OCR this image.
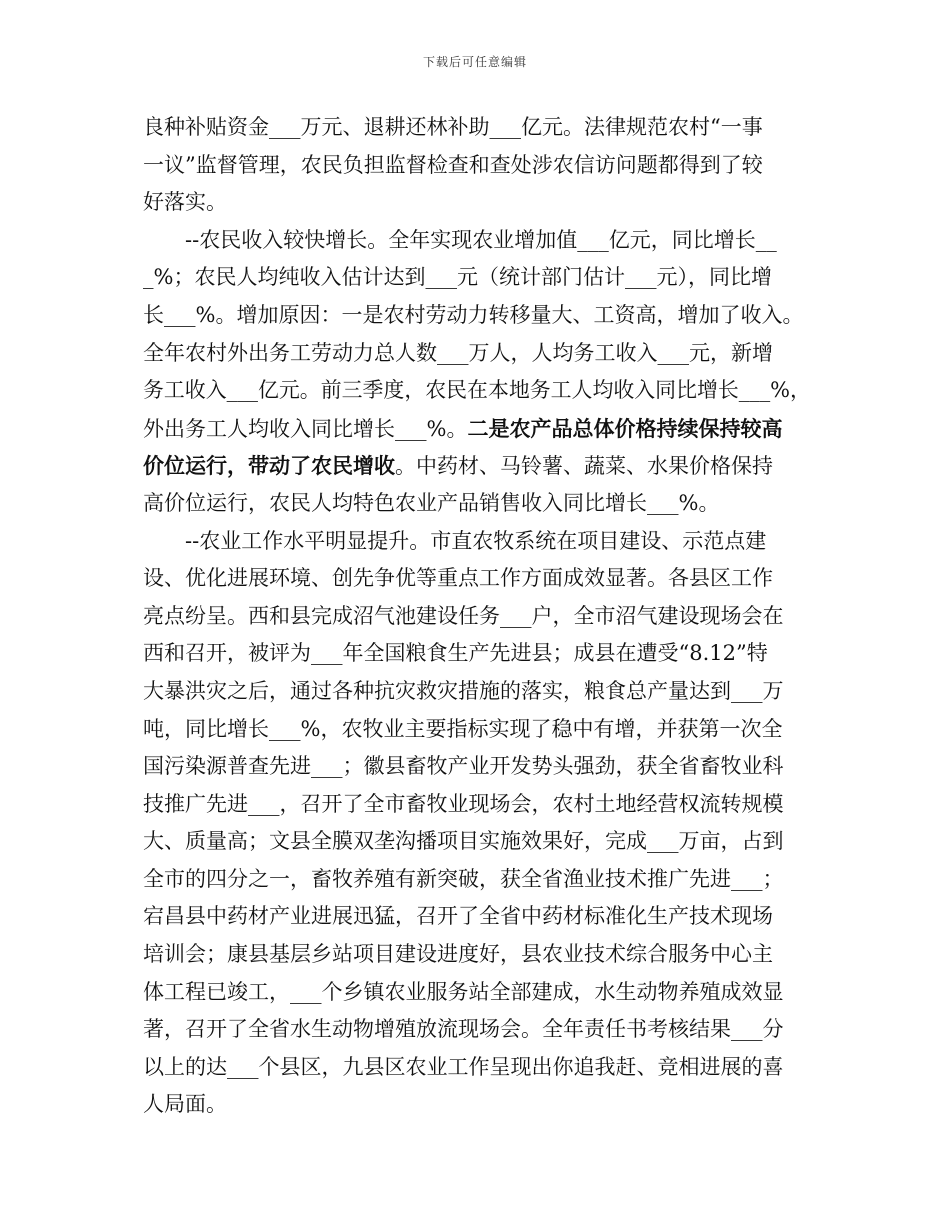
下载后可任意编辑
良种补贴资金___万元、退耕还林补助___亿元。法律规范农村“一事
一议”监督管理，农民负担监督检查和查处涉农信访问题都得到了较
好落实。
　　--农民收入较快增长。全年实现农业增加值___亿元，同比增长__
_%；农民人均纯收入估计达到___元（统计部门估计___元），同比增
长___%。增加原因：一是农村劳动力转移量大、工资高，增加了收入。
全年农村外出务工劳动力总人数___万人，人均务工收入___元，新增
务工收入___亿元。前三季度，农民在本地务工人均收入同比增长___%，
外出务工人均收入同比增长___%。二是农产品总体价格持续保持较高
价位运行，带动了农民增收。中药材、马铃薯、蔬菜、水果价格保持
高价位运行，农民人均特色农业产品销售收入同比增长___%。
　　--农业工作水平明显提升。市直农牧系统在项目建设、示范点建
设、优化进展环境、创先争优等重点工作方面成效显著。各县区工作
亮点纷呈。西和县完成沼气池建设任务___户，全市沼气建设现场会在
西和召开，被评为___年全国粮食生产先进县；成县在遭受“8.12”特
大暴洪灾之后，通过各种抗灾救灾措施的落实，粮食总产量达到___万
吨，同比增长___%，农牧业主要指标实现了稳中有增，并获第一次全
国污染源普查先进___；徽县畜牧产业开发势头强劲，获全省畜牧业科
技推广先进___，召开了全市畜牧业现场会，农村土地经营权流转规模
大、质量高；文县全膜双垄沟播项目实施效果好，完成___万亩，占到
全市的四分之一，畜牧养殖有新突破，获全省渔业技术推广先进___；
宕昌县中药材产业进展迅猛，召开了全省中药材标准化生产技术现场
培训会；康县基层乡站项目建设进度好，县农业技术综合服务中心主
体工程已竣工，___个乡镇农业服务站全部建成，水生动物养殖成效显
著，召开了全省水生动物增殖放流现场会。全年责任书考核结果___分
以上的达___个县区，九县区农业工作呈现出你追我赶、竞相进展的喜
人局面。
